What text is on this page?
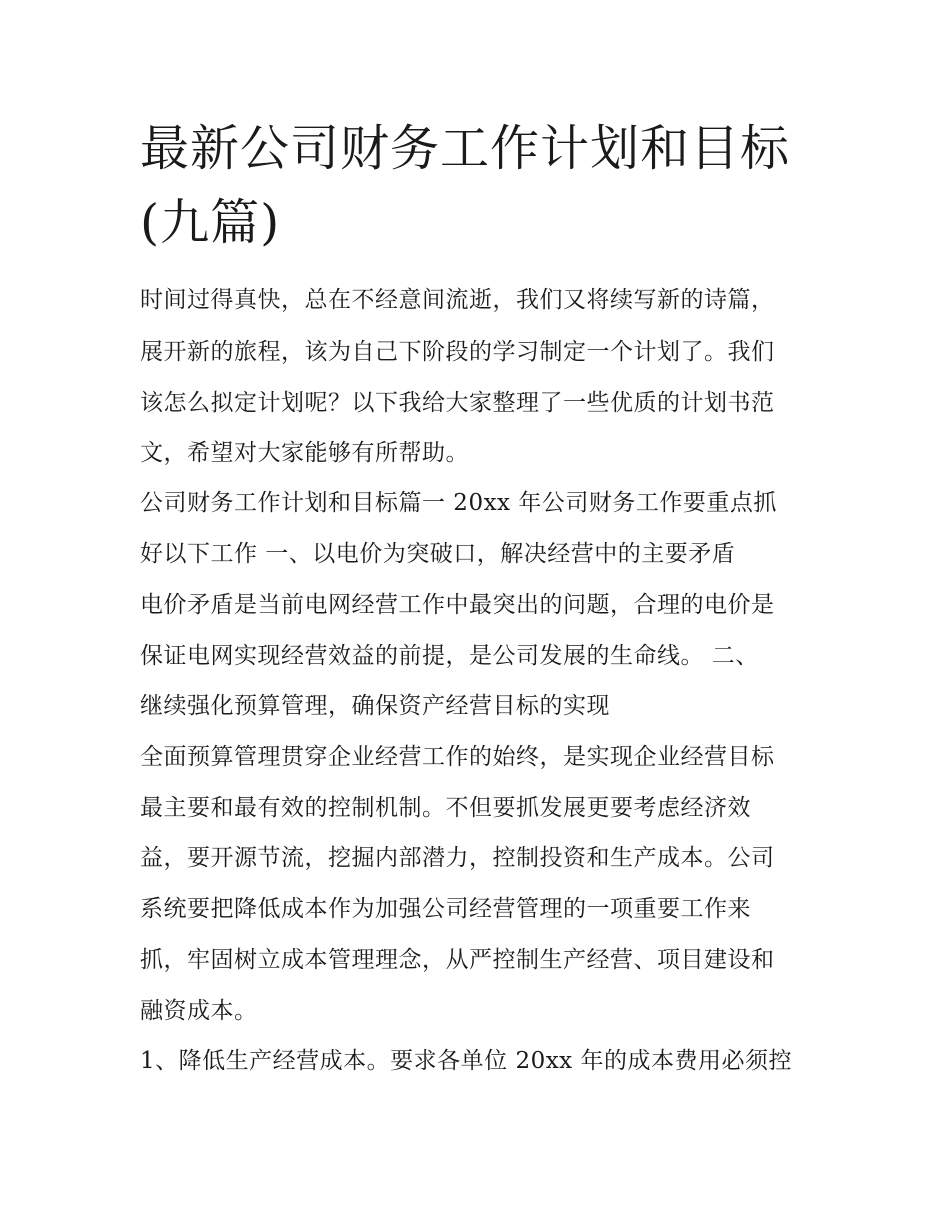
最新公司财务工作计划和目标
(九篇)

时间过得真快，总在不经意间流逝，我们又将续写新的诗篇，

展开新的旅程，该为自己下阶段的学习制定一个计划了。我们

该怎么拟定计划呢？以下我给大家整理了一些优质的计划书范

文，希望对大家能够有所帮助。

公司财务工作计划和目标篇一 20xx 年公司财务工作要重点抓

好以下工作 一、以电价为突破口，解决经营中的主要矛盾

电价矛盾是当前电网经营工作中最突出的问题，合理的电价是

保证电网实现经营效益的前提，是公司发展的生命线。 二、

继续强化预算管理，确保资产经营目标的实现

全面预算管理贯穿企业经营工作的始终，是实现企业经营目标

最主要和最有效的控制机制。不但要抓发展更要考虑经济效

益，要开源节流，挖掘内部潜力，控制投资和生产成本。公司

系统要把降低成本作为加强公司经营管理的一项重要工作来

抓，牢固树立成本管理理念，从严控制生产经营、项目建设和

融资成本。

1、降低生产经营成本。要求各单位 20xx 年的成本费用必须控
